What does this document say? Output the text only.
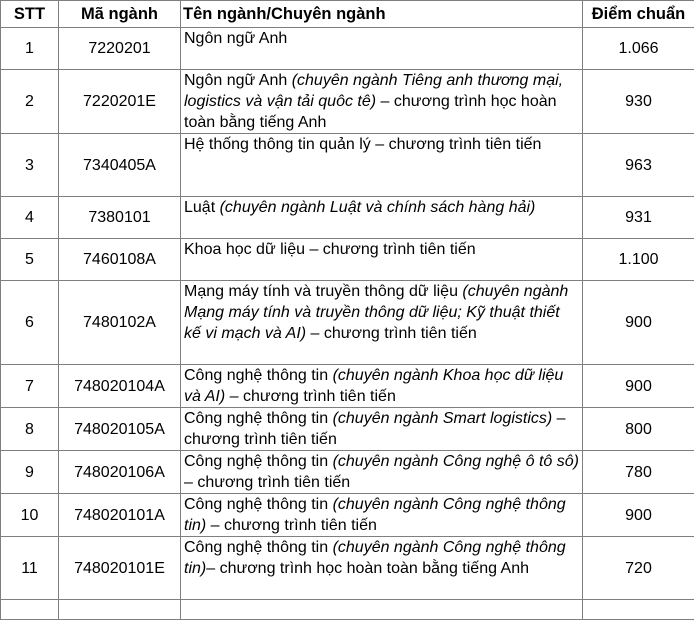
STT	Mã ngành	Tên ngành/Chuyên ngành	Điểm chuẩn
1	7220201	Ngôn ngữ Anh	1.066
2	7220201E	Ngôn ngữ Anh (chuyên ngành Tiêng anh thương mại, logistics và vận tải quôc tê) – chương trình học hoàn toàn bằng tiếng Anh	930
3	7340405A	Hệ thống thông tin quản lý – chương trình tiên tiến	963
4	7380101	Luật (chuyên ngành Luật và chính sách hàng hải)	931
5	7460108A	Khoa học dữ liệu – chương trình tiên tiến	1.100
6	7480102A	Mạng máy tính và truyền thông dữ liệu (chuyên ngành Mạng máy tính và truyền thông dữ liệu; Kỹ thuật thiết kế vi mạch và AI) – chương trình tiên tiến	900
7	748020104A	Công nghệ thông tin (chuyên ngành Khoa học dữ liệu và AI) – chương trình tiên tiến	900
8	748020105A	Công nghệ thông tin (chuyên ngành Smart logistics) – chương trình tiên tiến	800
9	748020106A	Công nghệ thông tin (chuyên ngành Công nghệ ô tô sô) – chương trình tiên tiến	780
10	748020101A	Công nghệ thông tin (chuyên ngành Công nghệ thông tin) – chương trình tiên tiến	900
11	748020101E	Công nghệ thông tin (chuyên ngành Công nghệ thông tin)– chương trình học hoàn toàn bằng tiếng Anh	720
